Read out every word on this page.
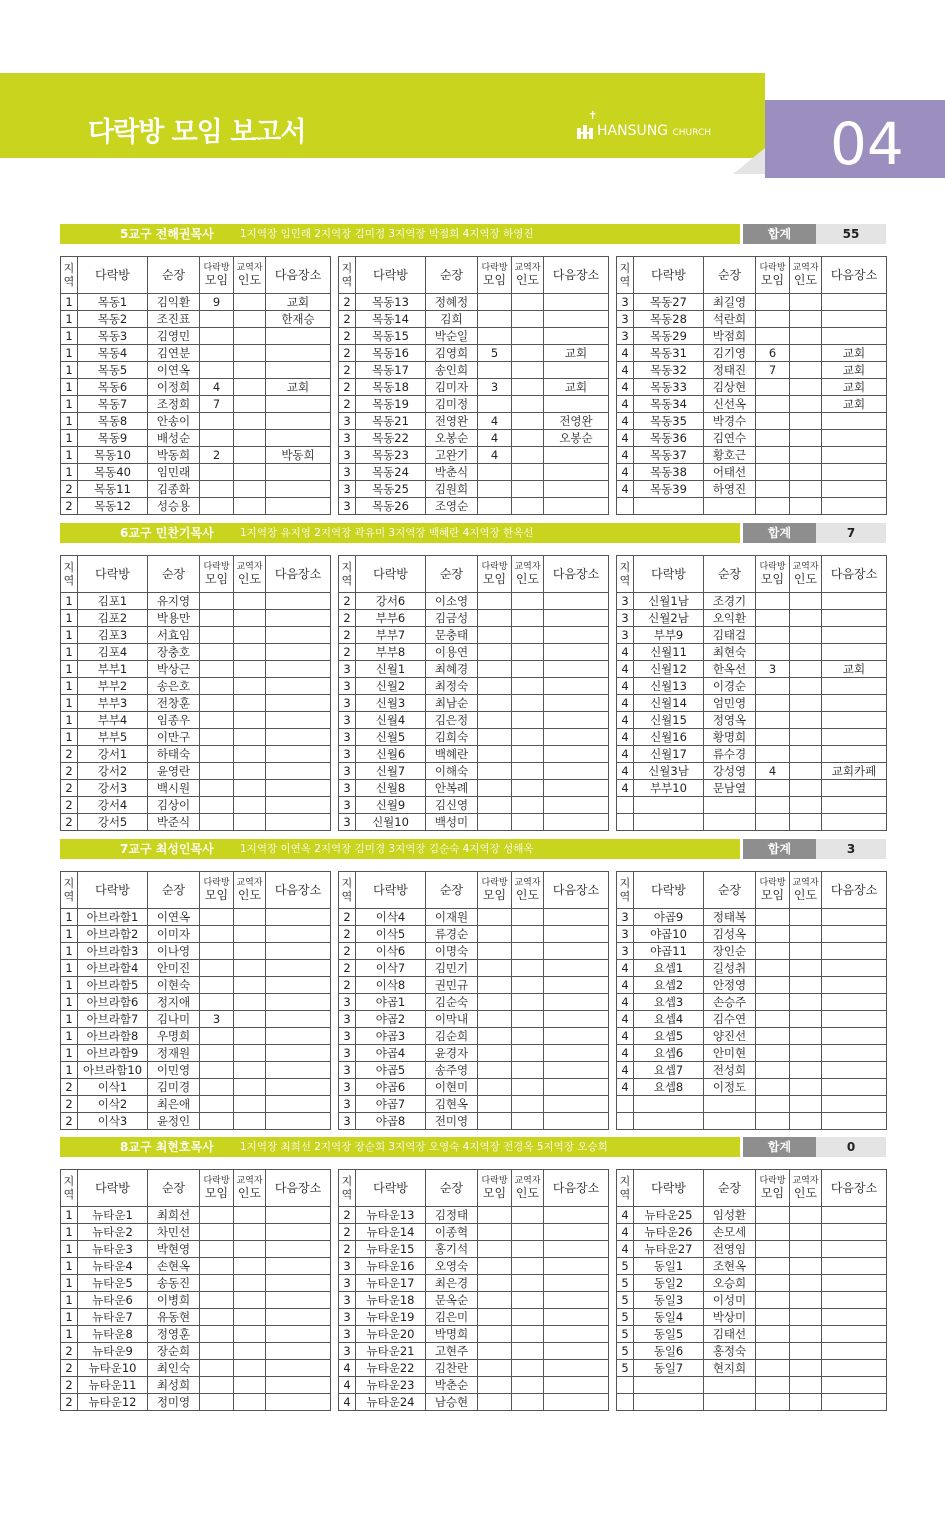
다락방 모임 보고서
✝
HANSUNG CHURCH 04
5교구 전해권목사	1지역장 임민래 2지역장 김미정 3지역장 박점희 4지역장 하영진	합계	55
지
역	다락방	순장	다락방
모임	교역자
인도	다음장소
1	목동1	김익환	9		교회
1	목동2	조진표			한재승
1	목동3	김영민			
1	목동4	김연분			
1	목동5	이연옥			
1	목동6	이정희	4		교회
1	목동7	조정희	7		
1	목동8	안송이			
1	목동9	배성순			
1	목동10	박동희	2		박동희
1	목동40	임민래			
2	목동11	김종화			
2	목동12	성승용			
지
역	다락방	순장	다락방
모임	교역자
인도	다음장소
2	목동13	정혜정			
2	목동14	김희			
2	목동15	박순일			
2	목동16	김영희	5		교회
2	목동17	송인희			
2	목동18	김미자	3		교회
2	목동19	김미정			
3	목동21	전영완	4		전영완
3	목동22	오봉순	4		오봉순
3	목동23	고완기	4		
3	목동24	박춘식			
3	목동25	김원희			
3	목동26	조영순			
지
역	다락방	순장	다락방
모임	교역자
인도	다음장소
3	목동27	최길영			
3	목동28	석란희			
3	목동29	박점희			
4	목동31	김기영	6		교회
4	목동32	정태진	7		교회
4	목동33	김상현			교회
4	목동34	신선옥			교회
4	목동35	박경수			
4	목동36	김연수			
4	목동37	황호근			
4	목동38	어태선			
4	목동39	하영진			

6교구 민찬기목사	1지역장 유지영 2지역장 곽유미 3지역장 백혜란 4지역장 한옥선	합계	7
지
역	다락방	순장	다락방
모임	교역자
인도	다음장소
1	김포1	유지영			
1	김포2	박용만			
1	김포3	서효임			
1	김포4	장충호			
1	부부1	박상근			
1	부부2	송은호			
1	부부3	전창훈			
1	부부4	임종우			
1	부부5	이만구			
2	강서1	하태숙			
2	강서2	윤영란			
2	강서3	백시원			
2	강서4	김상이			
2	강서5	박준식			
지
역	다락방	순장	다락방
모임	교역자
인도	다음장소
2	강서6	이소영			
2	부부6	김금성			
2	부부7	문충태			
2	부부8	이용연			
3	신월1	최혜경			
3	신월2	최정숙			
3	신월3	최남순			
3	신월4	김은정			
3	신월5	김희숙			
3	신월6	백혜란			
3	신월7	이해숙			
3	신월8	안복례			
3	신월9	김신영			
3	신월10	백성미			
지
역	다락방	순장	다락방
모임	교역자
인도	다음장소
3	신월1남	조경기			
3	신월2남	오익환			
3	부부9	김태걸			
4	신월11	최현숙			
4	신월12	한옥선	3		교회
4	신월13	이경순			
4	신월14	엄민영			
4	신월15	정영옥			
4	신월16	황명희			
4	신월17	류수경			
4	신월3남	강성영	4		교회카페
4	부부10	문남열			

7교구 최성인목사	1지역장 이연옥 2지역장 김미경 3지역장 김순숙 4지역장 성해옥	합계	3
지
역	다락방	순장	다락방
모임	교역자
인도	다음장소
1	아브라함1	이연옥			
1	아브라함2	이미자			
1	아브라함3	이나영			
1	아브라함4	안미진			
1	아브라함5	이현숙			
1	아브라함6	정지애			
1	아브라함7	김나미	3		
1	아브라함8	우명희			
1	아브라함9	정재원			
1	아브라함10	이민영			
2	이삭1	김미경			
2	이삭2	최은애			
2	이삭3	윤정인			
지
역	다락방	순장	다락방
모임	교역자
인도	다음장소
2	이삭4	이재원			
2	이삭5	류경순			
2	이삭6	이명숙			
2	이삭7	김민기			
2	이삭8	권민규			
3	야곱1	김순숙			
3	야곱2	이막내			
3	야곱3	김순희			
3	야곱4	윤경자			
3	야곱5	송주영			
3	야곱6	이현미			
3	야곱7	김현옥			
3	야곱8	전미영			
지
역	다락방	순장	다락방
모임	교역자
인도	다음장소
3	야곱9	정태복			
3	야곱10	김성옥			
3	야곱11	장인순			
4	요셉1	길성취			
4	요셉2	안정영			
4	요셉3	손승주			
4	요셉4	김수연			
4	요셉5	양진선			
4	요셉6	안미현			
4	요셉7	전성희			
4	요셉8	이정도			

8교구 최현호목사	1지역장 최희선 2지역장 장순희 3지역장 오영숙 4지역장 전경옥 5지역장 오승희	합계	0
지
역	다락방	순장	다락방
모임	교역자
인도	다음장소
1	뉴타운1	최희선			
1	뉴타운2	차민선			
1	뉴타운3	박현영			
1	뉴타운4	손현옥			
1	뉴타운5	송동진			
1	뉴타운6	이병희			
1	뉴타운7	유동현			
1	뉴타운8	정영훈			
2	뉴타운9	장순희			
2	뉴타운10	최인숙			
2	뉴타운11	최성희			
2	뉴타운12	정미영			
지
역	다락방	순장	다락방
모임	교역자
인도	다음장소
2	뉴타운13	김정태			
2	뉴타운14	이종혁			
2	뉴타운15	홍기석			
3	뉴타운16	오영숙			
3	뉴타운17	최은경			
3	뉴타운18	문옥순			
3	뉴타운19	김은미			
3	뉴타운20	박명희			
3	뉴타운21	고현주			
4	뉴타운22	김찬란			
4	뉴타운23	박춘순			
4	뉴타운24	남승현			
지
역	다락방	순장	다락방
모임	교역자
인도	다음장소
4	뉴타운25	임성환			
4	뉴타운26	손모세			
4	뉴타운27	전영임			
5	동일1	조현옥			
5	동일2	오승희			
5	동일3	이성미			
5	동일4	박상미			
5	동일5	김태선			
5	동일6	홍정숙			
5	동일7	현지희			
